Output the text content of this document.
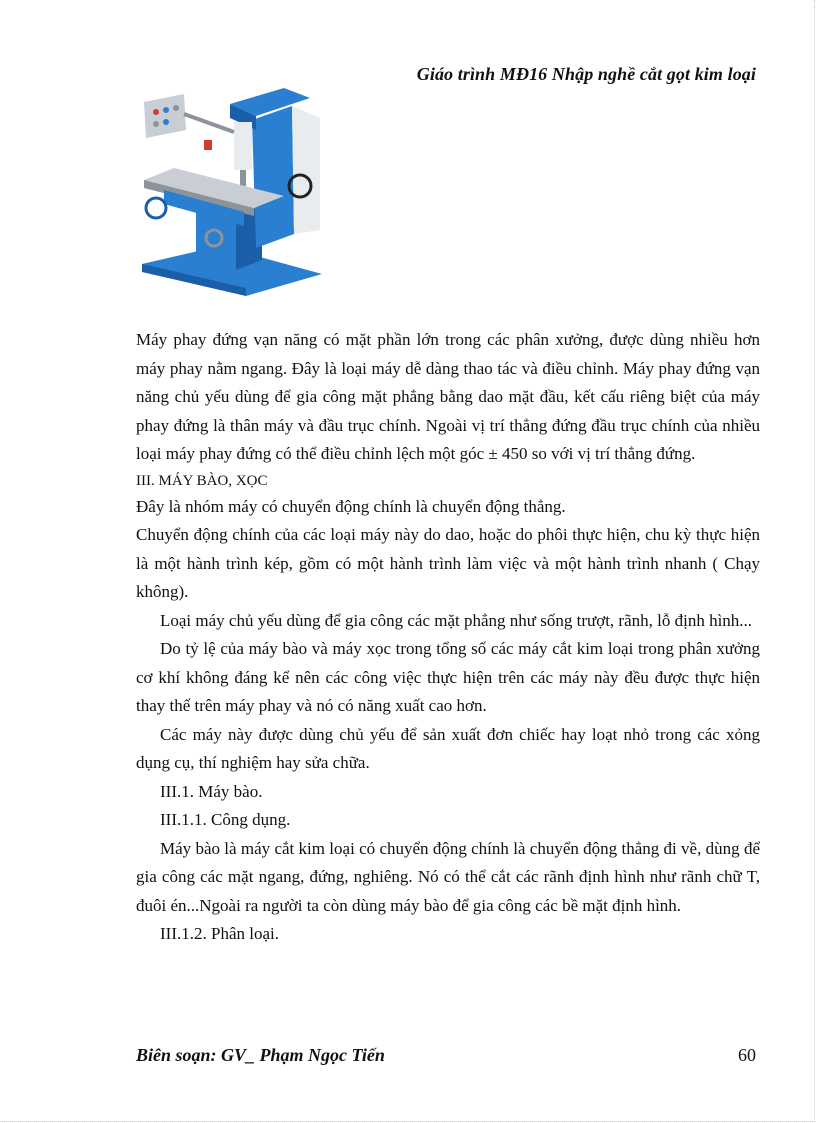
Giáo trình MĐ16 Nhập nghề cắt gọt kim loại

Máy phay đứng vạn năng có mặt phần lớn trong các phân xưởng, được dùng nhiều hơn máy phay nằm ngang. Đây là loại máy dễ dàng thao tác và điều chỉnh. Máy phay đứng vạn năng chủ yếu dùng để gia công mặt phẳng bằng dao mặt đầu, kết cấu riêng biệt của máy phay đứng là thân máy và đầu trục chính. Ngoài vị trí thẳng đứng đầu trục chính của nhiều loại máy phay đứng có thể điều chỉnh lệch một góc ± 450 so với vị trí thẳng đứng.

III. MÁY BÀO, XỌC

Đây là nhóm máy có chuyển động chính là chuyển động thẳng.

Chuyển động chính của các loại máy này do dao, hoặc do phôi thực hiện, chu kỳ thực hiện là một hành trình kép, gồm có một hành trình làm việc và một hành trình nhanh ( Chạy không).

Loại máy chủ yếu dùng để gia công các mặt phẳng như sống trượt, rãnh, lỗ định hình...

Do tỷ lệ của máy bào và máy xọc trong tổng số các máy cắt kim loại trong phân xưởng cơ khí không đáng kể nên các công việc thực hiện trên các máy này đều được thực hiện thay thế trên máy phay và nó có năng xuất cao hơn.

Các máy này được dùng chủ yếu để sản xuất đơn chiếc hay loạt nhỏ trong các xỏng dụng cụ, thí nghiệm hay sửa chữa.

III.1. Máy bào.

III.1.1. Công dụng.

Máy bào là máy cắt kim loại có chuyển động chính là chuyển động thẳng đi về, dùng để gia công các mặt ngang, đứng, nghiêng. Nó có thể cắt các rãnh định hình như rãnh chữ T, đuôi én...Ngoài ra người ta còn dùng máy bào để gia công các bề mặt định hình.

III.1.2. Phân loại.

Biên soạn: GV_ Phạm Ngọc Tiến	60
